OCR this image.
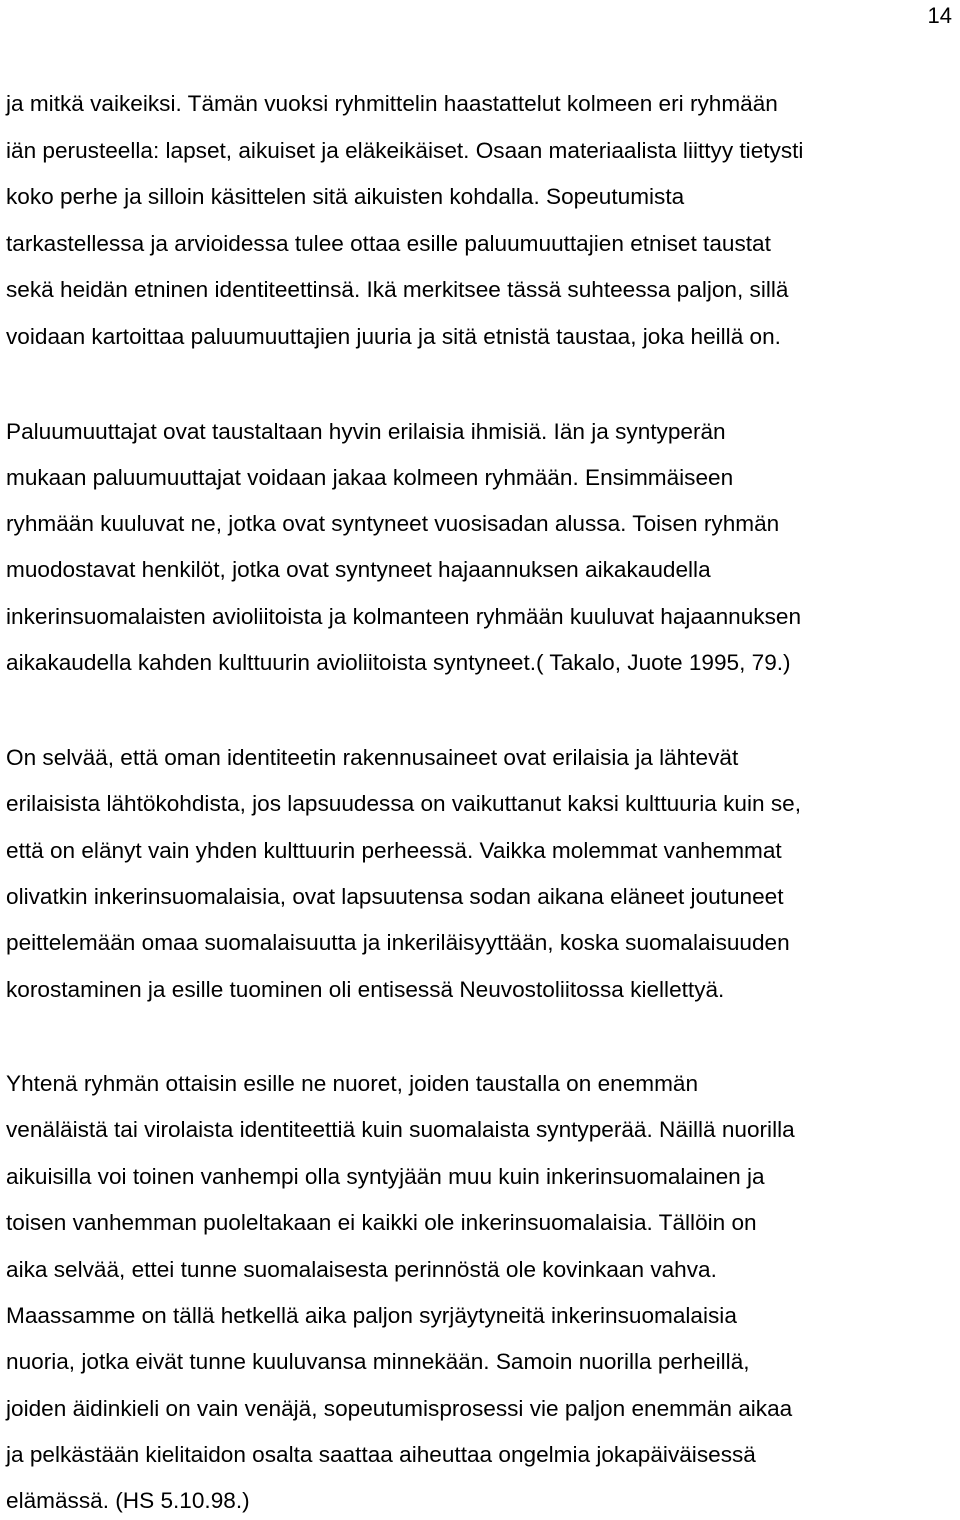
14
ja mitkä vaikeiksi. Tämän vuoksi ryhmittelin haastattelut kolmeen eri ryhmään
iän perusteella: lapset, aikuiset ja eläkeikäiset. Osaan materiaalista liittyy tietysti
koko perhe ja silloin käsittelen sitä aikuisten kohdalla. Sopeutumista
tarkastellessa ja arvioidessa tulee ottaa esille paluumuuttajien etniset taustat
sekä heidän etninen identiteettinsä. Ikä merkitsee tässä suhteessa paljon, sillä
voidaan kartoittaa paluumuuttajien juuria ja sitä etnistä taustaa, joka heillä on.
Paluumuuttajat ovat taustaltaan hyvin erilaisia ihmisiä. Iän ja syntyperän
mukaan paluumuuttajat voidaan jakaa kolmeen ryhmään. Ensimmäiseen
ryhmään kuuluvat ne, jotka ovat syntyneet vuosisadan alussa. Toisen ryhmän
muodostavat henkilöt, jotka ovat syntyneet hajaannuksen aikakaudella
inkerinsuomalaisten avioliitoista ja kolmanteen ryhmään kuuluvat hajaannuksen
aikakaudella kahden kulttuurin avioliitoista syntyneet.( Takalo, Juote 1995, 79.)
On selvää, että oman identiteetin rakennusaineet ovat erilaisia ja lähtevät
erilaisista lähtökohdista, jos lapsuudessa on vaikuttanut kaksi kulttuuria kuin se,
että on elänyt vain yhden kulttuurin perheessä. Vaikka molemmat vanhemmat
olivatkin inkerinsuomalaisia, ovat lapsuutensa sodan aikana eläneet joutuneet
peittelemään omaa suomalaisuutta ja inkeriläisyyttään, koska suomalaisuuden
korostaminen ja esille tuominen oli entisessä Neuvostoliitossa kiellettyä.
Yhtenä ryhmän ottaisin esille ne nuoret, joiden taustalla on enemmän
venäläistä tai virolaista identiteettiä kuin suomalaista syntyperää. Näillä nuorilla
aikuisilla voi toinen vanhempi olla syntyjään muu kuin inkerinsuomalainen ja
toisen vanhemman puoleltakaan ei kaikki ole inkerinsuomalaisia. Tällöin on
aika selvää, ettei tunne suomalaisesta perinnöstä ole kovinkaan vahva.
Maassamme on tällä hetkellä aika paljon syrjäytyneitä inkerinsuomalaisia
nuoria, jotka eivät tunne kuuluvansa minnekään. Samoin nuorilla perheillä,
joiden äidinkieli on vain venäjä, sopeutumisprosessi vie paljon enemmän aikaa
ja pelkästään kielitaidon osalta saattaa aiheuttaa ongelmia jokapäiväisessä
elämässä. (HS 5.10.98.)
